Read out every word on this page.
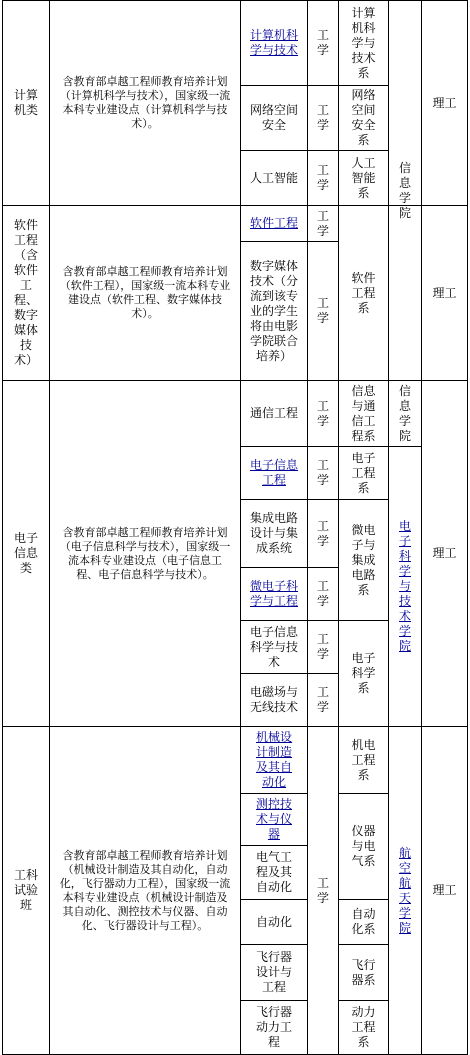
计算机类
软件工程（含软件工程、数字媒体技术）
电子信息类
工科试验班
含教育部卓越工程师教育培养计划（计算机科学与技术），国家级一流本科专业建设点（计算机科学与技术）。
含教育部卓越工程师教育培养计划（软件工程），国家级一流本科专业建设点（软件工程、数字媒体技术）。
含教育部卓越工程师教育培养计划（电子信息科学与技术），国家级一流本科专业建设点（电子信息工程、电子信息科学与技术）。
含教育部卓越工程师教育培养计划（机械设计制造及其自动化，自动化，飞行器动力工程），国家级一流本科专业建设点（机械设计制造及其自动化、测控技术与仪器、自动化、飞行器设计与工程）。
计算机科学与技术
网络空间安全
人工智能
软件工程
数字媒体技术（分流到该专业的学生将由电影学院联合培养）
通信工程
电子信息工程
集成电路设计与集成系统
微电子科学与工程
电子信息科学与技术
电磁场与无线技术
机械设计制造及其自动化
测控技术与仪器
电气工程及其自动化
自动化
飞行器设计与工程
飞行器动力工程
工学
工学
工学
工学
工学
工学
工学
工学
工学
工学
工学
工学
计算机科学与技术系
网络空间安全系
人工智能系
软件工程系
信息与通信工程系
电子工程系
微电子与集成电路系
电子科学系
机电工程系
仪器与电气系
自动化系
飞行器系
动力工程系
信息学院
信息学院
电子科学与技术学院
航空航天学院
理工
理工
理工
理工
